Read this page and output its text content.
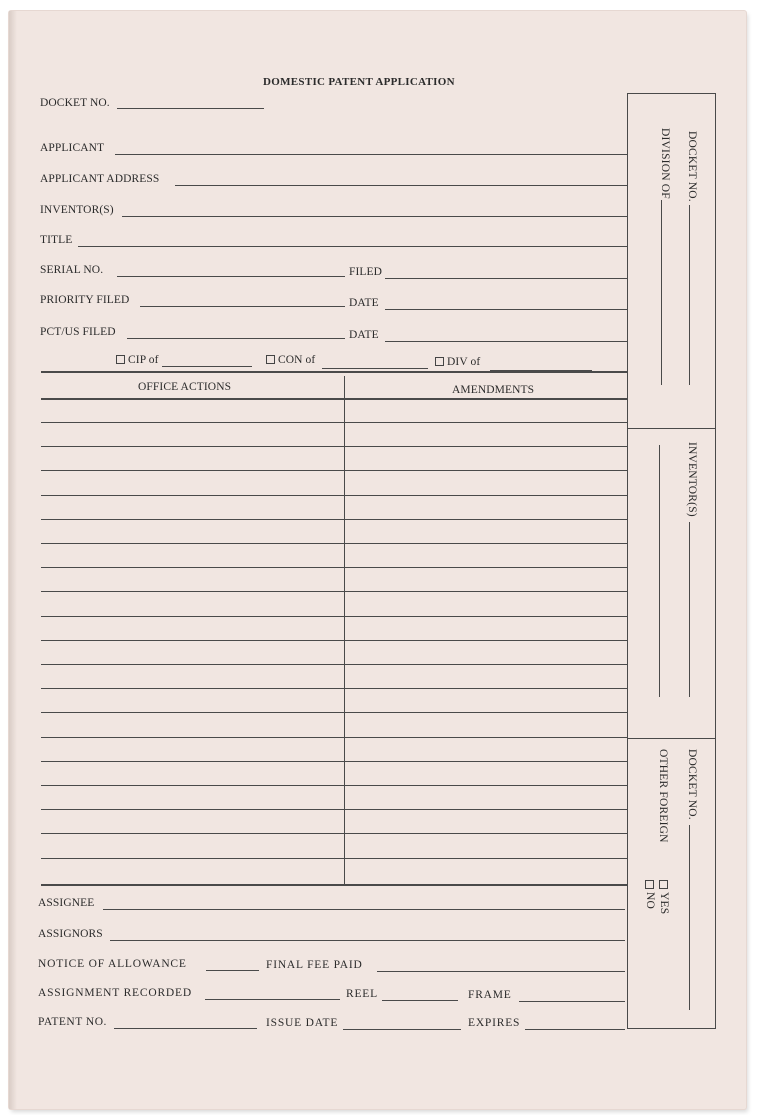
DOMESTIC PATENT APPLICATION
DOCKET NO.
APPLICANT
APPLICANT ADDRESS
INVENTOR(S)
TITLE
SERIAL NO.	FILED
PRIORITY FILED	DATE
PCT/US FILED	DATE
CIP of	CON of	DIV of
OFFICE ACTIONS	AMENDMENTS
ASSIGNEE
ASSIGNORS
NOTICE OF ALLOWANCE	FINAL FEE PAID
ASSIGNMENT RECORDED	REEL	FRAME
PATENT NO.	ISSUE DATE	EXPIRES
DOCKET NO.
DIVISION OF
INVENTOR(S)
DOCKET NO.
OTHER FOREIGN
YES
NO
